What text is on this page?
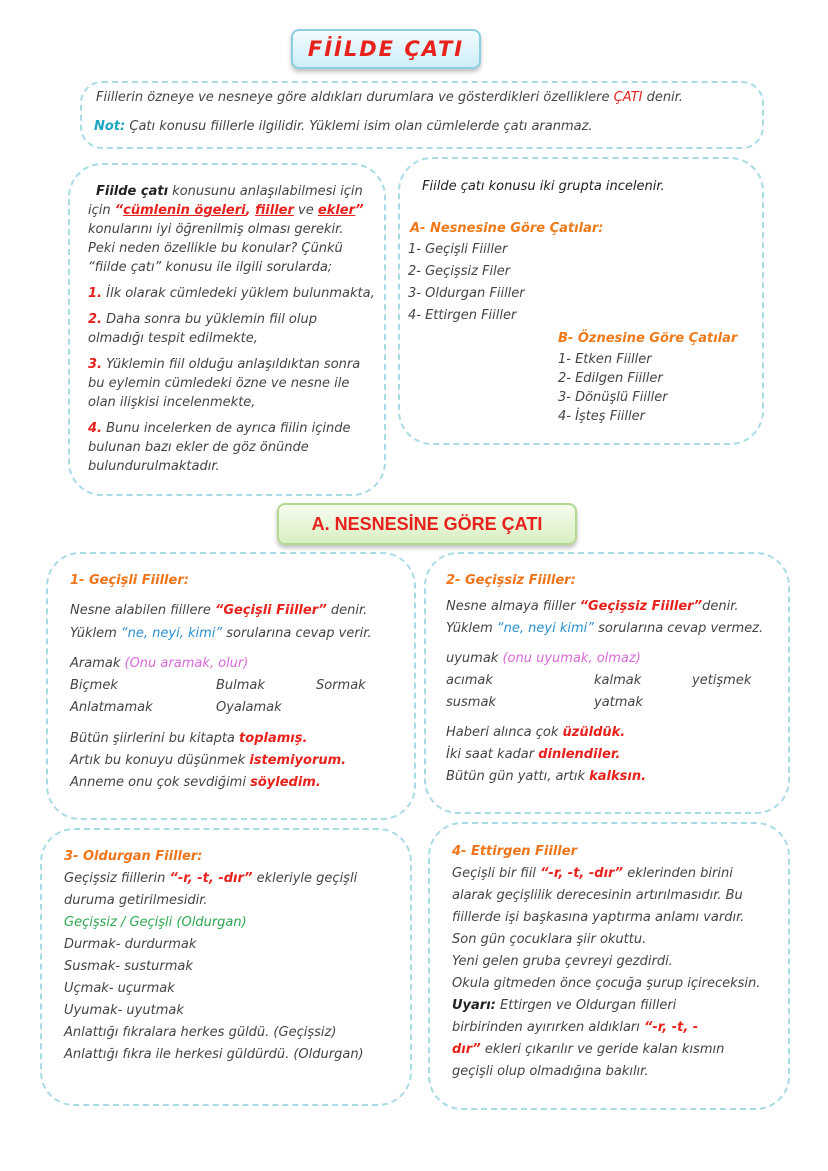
FİİLDE ÇATI
Fiillerin özneye ve nesneye göre aldıkları durumlara ve gösterdikleri özelliklere ÇATI denir.
Not: Çatı konusu fiillerle ilgilidir. Yüklemi isim olan cümlelerde çatı aranmaz.
Fiilde çatı konusunu anlaşılabilmesi için
için “cümlenin ögeleri, fiiller ve ekler”
konularını iyi öğrenilmiş olması gerekir.
Peki neden özellikle bu konular? Çünkü
“fiilde çatı” konusu ile ilgili sorularda;
1. İlk olarak cümledeki yüklem bulunmakta,
2. Daha sonra bu yüklemin fiil olup
olmadığı tespit edilmekte,
3. Yüklemin fiil olduğu anlaşıldıktan sonra
bu eylemin cümledeki özne ve nesne ile
olan ilişkisi incelenmekte,
4. Bunu incelerken de ayrıca fiilin içinde
bulunan bazı ekler de göz önünde
bulundurulmaktadır.
Fiilde çatı konusu iki grupta incelenir.
A- Nesnesine Göre Çatılar:
1- Geçişli Fiiller
2- Geçişsiz Filer
3- Oldurgan Fiiller
4- Ettirgen Fiiller
B- Öznesine Göre Çatılar
1- Etken Fiiller
2- Edilgen Fiiller
3- Dönüşlü Fiiller
4- İşteş Fiiller
A. NESNESİNE GÖRE ÇATI
1- Geçişli Fiiller:
Nesne alabilen fiillere “Geçişli Fiiller” denir.
Yüklem “ne, neyi, kimi” sorularına cevap verir.
Aramak (Onu aramak, olur)
Biçmek	Bulmak	Sormak
Anlatmamak	Oyalamak
Bütün şiirlerini bu kitapta toplamış.
Artık bu konuyu düşünmek istemiyorum.
Anneme onu çok sevdiğimi söyledim.
2- Geçişsiz Fiiller:
Nesne almaya fiiller “Geçişsiz Fiiller”denir.
Yüklem “ne, neyi kimi” sorularına cevap vermez.
uyumak (onu uyumak, olmaz)
acımak	kalmak	yetişmek
susmak	yatmak
Haberi alınca çok üzüldük.
İki saat kadar dinlendiler.
Bütün gün yattı, artık kalksın.
3- Oldurgan Fiiller:
Geçişsiz fiillerin “-r, -t, -dır” ekleriyle geçişli
duruma getirilmesidir.
Geçişsiz / Geçişli (Oldurgan)
Durmak- durdurmak
Susmak- susturmak
Uçmak- uçurmak
Uyumak- uyutmak
Anlattığı fıkralara herkes güldü. (Geçişsiz)
Anlattığı fıkra ile herkesi güldürdü. (Oldurgan)
4- Ettirgen Fiiller
Geçişli bir fiil “-r, -t, -dır” eklerinden birini
alarak geçişlilik derecesinin artırılmasıdır. Bu
fiillerde işi başkasına yaptırma anlamı vardır.
Son gün çocuklara şiir okuttu.
Yeni gelen gruba çevreyi gezdirdi.
Okula gitmeden önce çocuğa şurup içireceksin.
Uyarı: Ettirgen ve Oldurgan fiilleri
birbirinden ayırırken aldıkları “-r, -t, -
dır” ekleri çıkarılır ve geride kalan kısmın
geçişli olup olmadığına bakılır.
